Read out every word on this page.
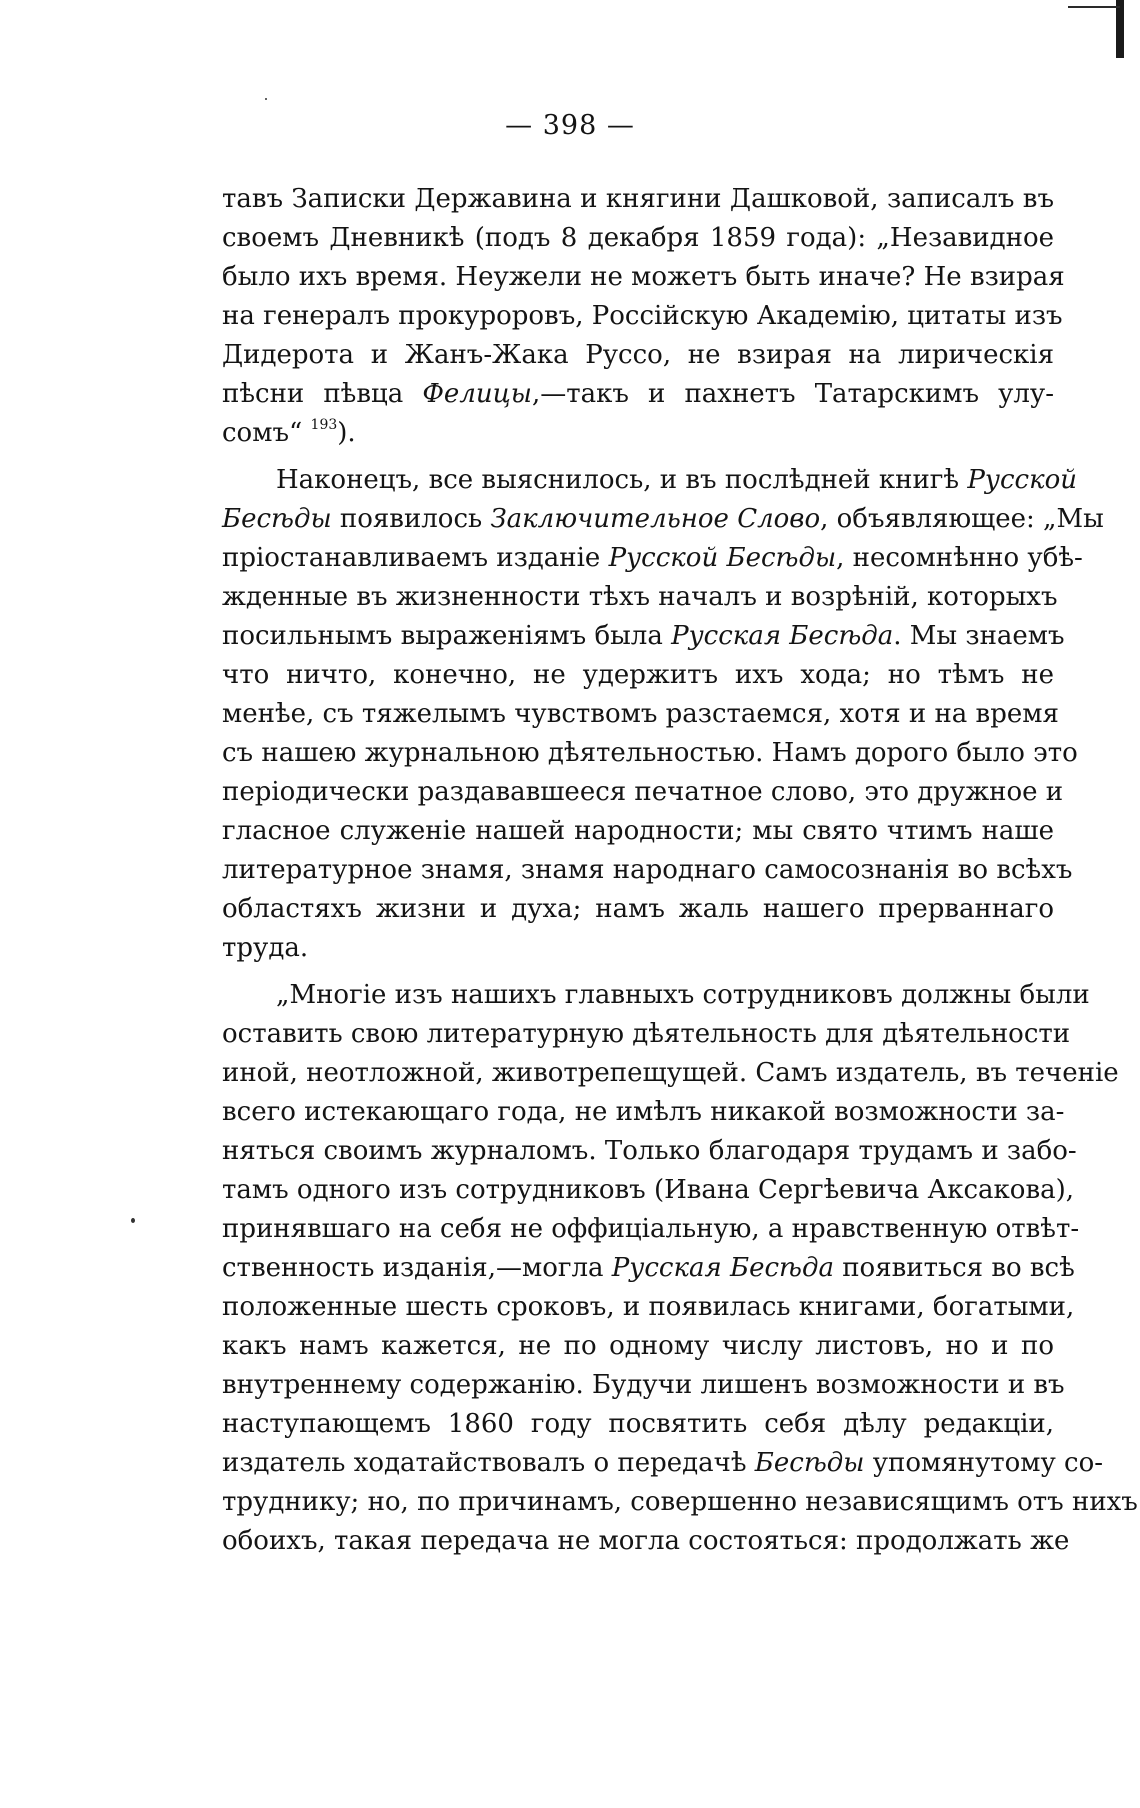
— 398 —
тавъ Записки Державина и княгини Дашковой, записалъ въ
своемъ Дневникѣ (подъ 8 декабря 1859 года): „Незавидное
было ихъ время. Неужели не можетъ быть иначе? Не взирая
на генералъ прокуроровъ, Россійскую Академію, цитаты изъ
Дидерота и Жанъ-Жака Руссо, не взирая на лирическія
пѣсни пѣвца Фелицы,—такъ и пахнетъ Татарскимъ улу-
сомъ“ $^{193}$).
Наконецъ, все выяснилось, и въ послѣдней книгѣ Русской
Бесѣды появилось Заключительное Слово, объявляющее: „Мы
пріостанавливаемъ изданіе Русской Бесѣды, несомнѣнно убѣ-
жденные въ жизненности тѣхъ началъ и возрѣній, которыхъ
посильнымъ выраженіямъ была Русская Бесѣда. Мы знаемъ
что ничто, конечно, не удержитъ ихъ хода; но тѣмъ не
менѣе, съ тяжелымъ чувствомъ разстаемся, хотя и на время
съ нашею журнальною дѣятельностью. Намъ дорого было это
періодически раздававшееся печатное слово, это дружное и
гласное служеніе нашей народности; мы свято чтимъ наше
литературное знамя, знамя народнаго самосознанія во всѣхъ
областяхъ жизни и духа; намъ жаль нашего прерваннаго
труда.
„Многіе изъ нашихъ главныхъ сотрудниковъ должны были
оставить свою литературную дѣятельность для дѣятельности
иной, неотложной, животрепещущей. Самъ издатель, въ теченіе
всего истекающаго года, не имѣлъ никакой возможности за-
няться своимъ журналомъ. Только благодаря трудамъ и забо-
тамъ одного изъ сотрудниковъ (Ивана Сергѣевича Аксакова),
принявшаго на себя не оффиціальную, а нравственную отвѣт-
ственность изданія,—могла Русская Бесѣда появиться во всѣ
положенные шесть сроковъ, и появилась книгами, богатыми,
какъ намъ кажется, не по одному числу листовъ, но и по
внутреннему содержанію. Будучи лишенъ возможности и въ
наступающемъ 1860 году посвятить себя дѣлу редакціи,
издатель ходатайствовалъ о передачѣ Бесѣды упомянутому со-
труднику; но, по причинамъ, совершенно независящимъ отъ нихъ
обоихъ, такая передача не могла состояться: продолжать же
